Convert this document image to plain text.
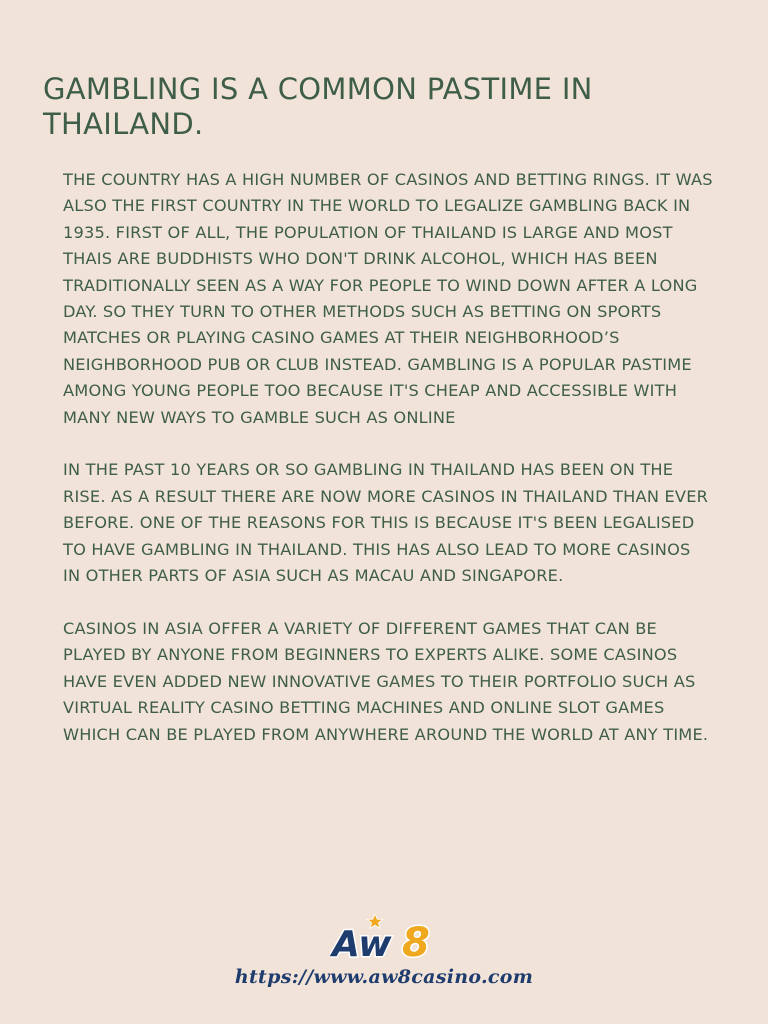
GAMBLING IS A COMMON PASTIME IN THAILAND.

THE COUNTRY HAS A HIGH NUMBER OF CASINOS AND BETTING RINGS. IT WAS ALSO THE FIRST COUNTRY IN THE WORLD TO LEGALIZE GAMBLING BACK IN 1935. FIRST OF ALL, THE POPULATION OF THAILAND IS LARGE AND MOST THAIS ARE BUDDHISTS WHO DON'T DRINK ALCOHOL, WHICH HAS BEEN TRADITIONALLY SEEN AS A WAY FOR PEOPLE TO WIND DOWN AFTER A LONG DAY. SO THEY TURN TO OTHER METHODS SUCH AS BETTING ON SPORTS MATCHES OR PLAYING CASINO GAMES AT THEIR NEIGHBORHOOD’S NEIGHBORHOOD PUB OR CLUB INSTEAD. GAMBLING IS A POPULAR PASTIME AMONG YOUNG PEOPLE TOO BECAUSE IT'S CHEAP AND ACCESSIBLE WITH MANY NEW WAYS TO GAMBLE SUCH AS ONLINE

IN THE PAST 10 YEARS OR SO GAMBLING IN THAILAND HAS BEEN ON THE RISE. AS A RESULT THERE ARE NOW MORE CASINOS IN THAILAND THAN EVER BEFORE. ONE OF THE REASONS FOR THIS IS BECAUSE IT'S BEEN LEGALISED TO HAVE GAMBLING IN THAILAND. THIS HAS ALSO LEAD TO MORE CASINOS IN OTHER PARTS OF ASIA SUCH AS MACAU AND SINGAPORE.

CASINOS IN ASIA OFFER A VARIETY OF DIFFERENT GAMES THAT CAN BE PLAYED BY ANYONE FROM BEGINNERS TO EXPERTS ALIKE. SOME CASINOS HAVE EVEN ADDED NEW INNOVATIVE GAMES TO THEIR PORTFOLIO SUCH AS VIRTUAL REALITY CASINO BETTING MACHINES AND ONLINE SLOT GAMES WHICH CAN BE PLAYED FROM ANYWHERE AROUND THE WORLD AT ANY TIME.

Aw 8

https://www.aw8casino.com
